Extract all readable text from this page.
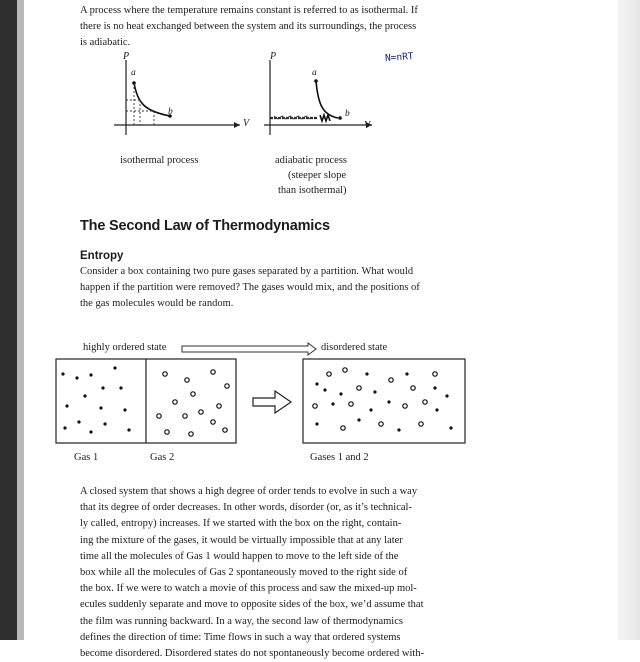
A process where the temperature remains constant is referred to as isothermal. If
there is no heat exchanged between the system and its surroundings, the process
is adiabatic.
P
a
b
V
isothermal process
P
a
b
V
adiabatic process
(steeper slope
than isothermal)
N=nRT
The Second Law of Thermodynamics
Entropy
Consider a box containing two pure gases separated by a partition. What would
happen if the partition were removed? The gases would mix, and the positions of
the gas molecules would be random.
highly ordered state	disordered state
Gas 1	Gas 2	Gases 1 and 2
A closed system that shows a high degree of order tends to evolve in such a way
that its degree of order decreases. In other words, disorder (or, as it’s technical-
ly called, entropy) increases. If we started with the box on the right, contain-
ing the mixture of the gases, it would be virtually impossible that at any later
time all the molecules of Gas 1 would happen to move to the left side of the
box while all the molecules of Gas 2 spontaneously moved to the right side of
the box. If we were to watch a movie of this process and saw the mixed-up mol-
ecules suddenly separate and move to opposite sides of the box, we’d assume that
the film was running backward. In a way, the second law of thermodynamics
defines the direction of time: Time flows in such a way that ordered systems
become disordered. Disordered states do not spontaneously become ordered with-
